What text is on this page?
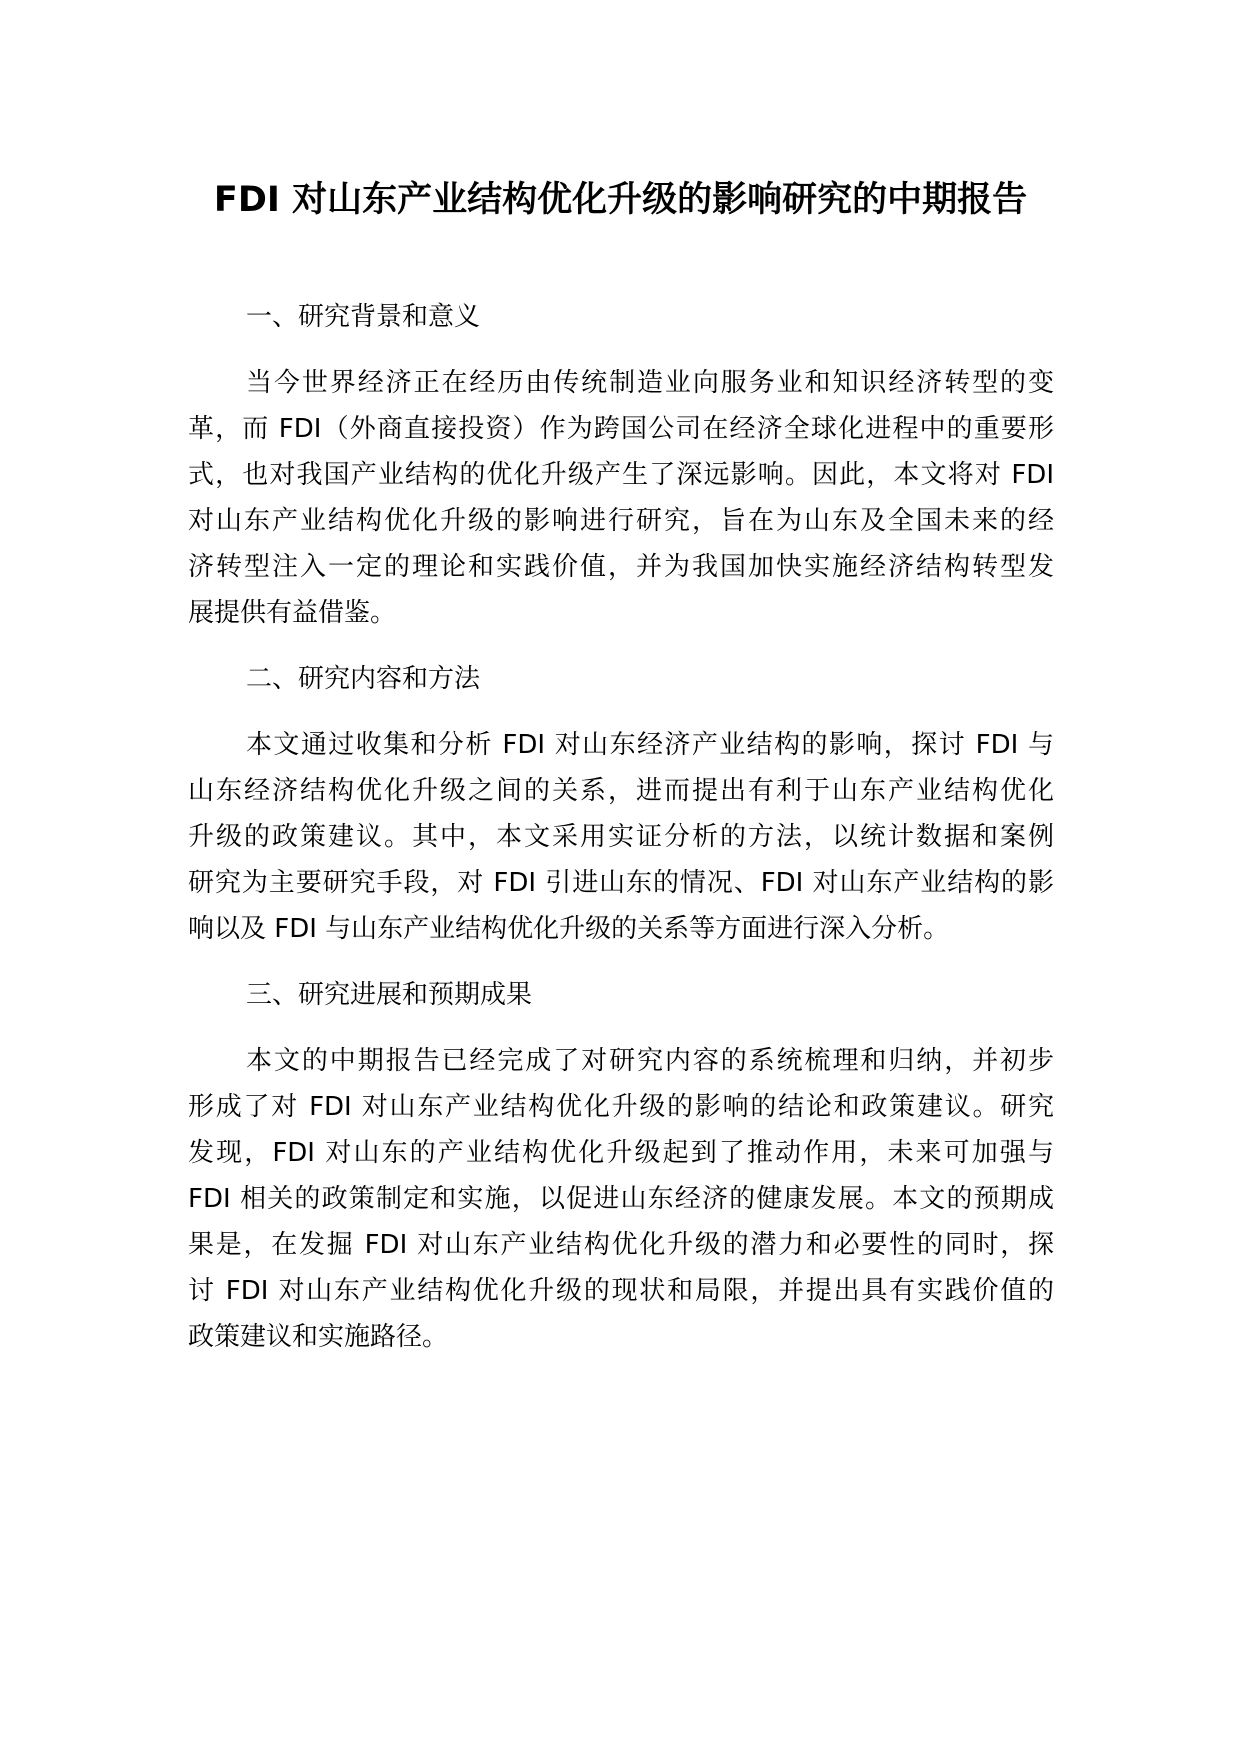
FDI 对山东产业结构优化升级的影响研究的中期报告
一、研究背景和意义

当今世界经济正在经历由传统制造业向服务业和知识经济转型的变
革，而 FDI（外商直接投资）作为跨国公司在经济全球化进程中的重要形
式，也对我国产业结构的优化升级产生了深远影响。因此，本文将对 FDI
对山东产业结构优化升级的影响进行研究，旨在为山东及全国未来的经
济转型注入一定的理论和实践价值，并为我国加快实施经济结构转型发
展提供有益借鉴。

二、研究内容和方法

本文通过收集和分析 FDI 对山东经济产业结构的影响，探讨 FDI 与
山东经济结构优化升级之间的关系，进而提出有利于山东产业结构优化
升级的政策建议。其中，本文采用实证分析的方法，以统计数据和案例
研究为主要研究手段，对 FDI 引进山东的情况、FDI 对山东产业结构的影
响以及 FDI 与山东产业结构优化升级的关系等方面进行深入分析。

三、研究进展和预期成果

本文的中期报告已经完成了对研究内容的系统梳理和归纳，并初步
形成了对 FDI 对山东产业结构优化升级的影响的结论和政策建议。研究
发现，FDI 对山东的产业结构优化升级起到了推动作用，未来可加强与
FDI 相关的政策制定和实施，以促进山东经济的健康发展。本文的预期成
果是，在发掘 FDI 对山东产业结构优化升级的潜力和必要性的同时，探
讨 FDI 对山东产业结构优化升级的现状和局限，并提出具有实践价值的
政策建议和实施路径。
